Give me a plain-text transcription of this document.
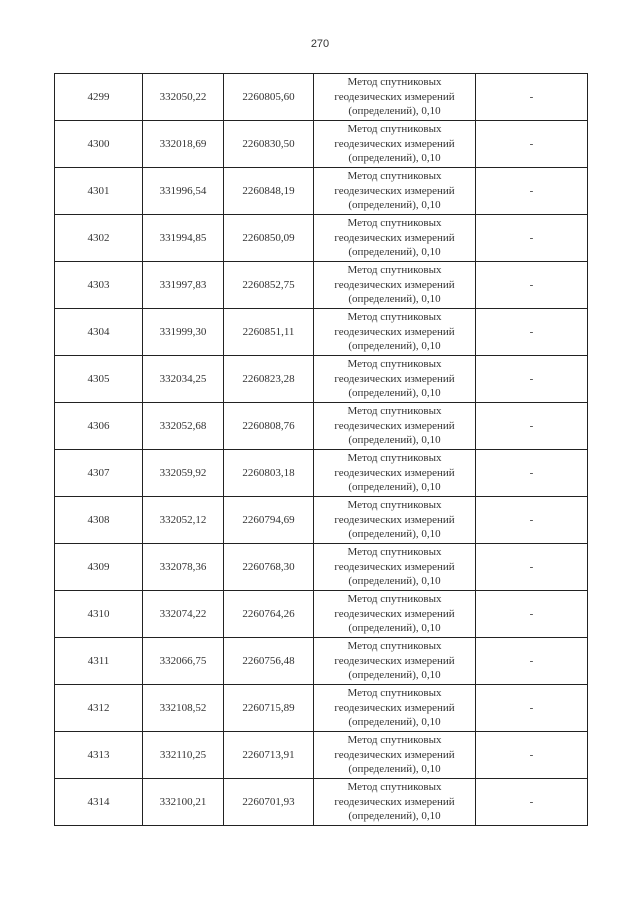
270
4299	332050,22	2260805,60	Метод спутниковых
геодезических измерений
(определений), 0,10	-
4300	332018,69	2260830,50	Метод спутниковых
геодезических измерений
(определений), 0,10	-
4301	331996,54	2260848,19	Метод спутниковых
геодезических измерений
(определений), 0,10	-
4302	331994,85	2260850,09	Метод спутниковых
геодезических измерений
(определений), 0,10	-
4303	331997,83	2260852,75	Метод спутниковых
геодезических измерений
(определений), 0,10	-
4304	331999,30	2260851,11	Метод спутниковых
геодезических измерений
(определений), 0,10	-
4305	332034,25	2260823,28	Метод спутниковых
геодезических измерений
(определений), 0,10	-
4306	332052,68	2260808,76	Метод спутниковых
геодезических измерений
(определений), 0,10	-
4307	332059,92	2260803,18	Метод спутниковых
геодезических измерений
(определений), 0,10	-
4308	332052,12	2260794,69	Метод спутниковых
геодезических измерений
(определений), 0,10	-
4309	332078,36	2260768,30	Метод спутниковых
геодезических измерений
(определений), 0,10	-
4310	332074,22	2260764,26	Метод спутниковых
геодезических измерений
(определений), 0,10	-
4311	332066,75	2260756,48	Метод спутниковых
геодезических измерений
(определений), 0,10	-
4312	332108,52	2260715,89	Метод спутниковых
геодезических измерений
(определений), 0,10	-
4313	332110,25	2260713,91	Метод спутниковых
геодезических измерений
(определений), 0,10	-
4314	332100,21	2260701,93	Метод спутниковых
геодезических измерений
(определений), 0,10	-
